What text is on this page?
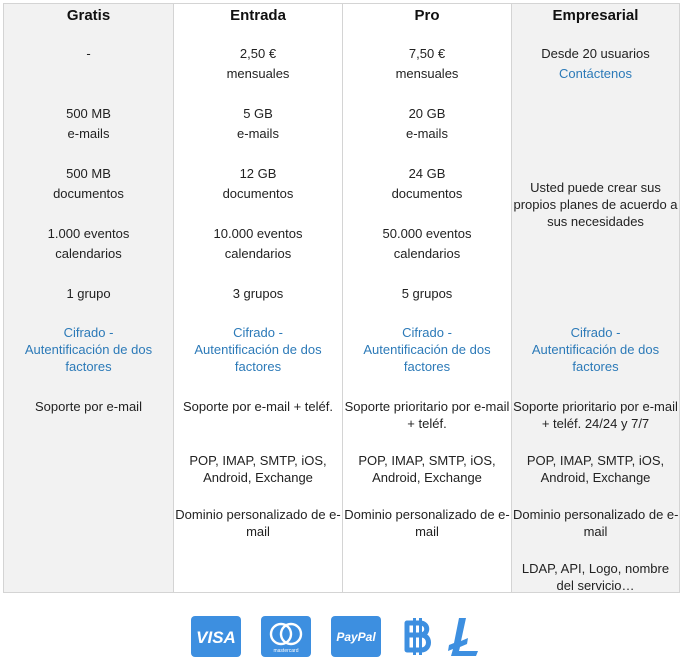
Gratis
-
500 MB
e-mails
500 MB
documentos
1.000 eventos
calendarios
1 grupo
Cifrado -
Autentificación de dos
factores
Soporte por e-mail
Entrada
2,50 €
mensuales
5 GB
e-mails
12 GB
documentos
10.000 eventos
calendarios
3 grupos
Cifrado -
Autentificación de dos
factores
Soporte por e-mail + teléf.
POP, IMAP, SMTP, iOS,
Android, Exchange
Dominio personalizado de e-
mail
Pro
7,50 €
mensuales
20 GB
e-mails
24 GB
documentos
50.000 eventos
calendarios
5 grupos
Cifrado -
Autentificación de dos
factores
Soporte prioritario por e-mail
+ teléf.
POP, IMAP, SMTP, iOS,
Android, Exchange
Dominio personalizado de e-
mail
Empresarial
Desde 20 usuarios
Contáctenos
Usted puede crear sus
propios planes de acuerdo a
sus necesidades
Cifrado -
Autentificación de dos
factores
Soporte prioritario por e-mail
+ teléf. 24/24 y 7/7
POP, IMAP, SMTP, iOS,
Android, Exchange
Dominio personalizado de e-
mail
LDAP, API, Logo, nombre
del servicio…
VISA
mastercard
PayPal
